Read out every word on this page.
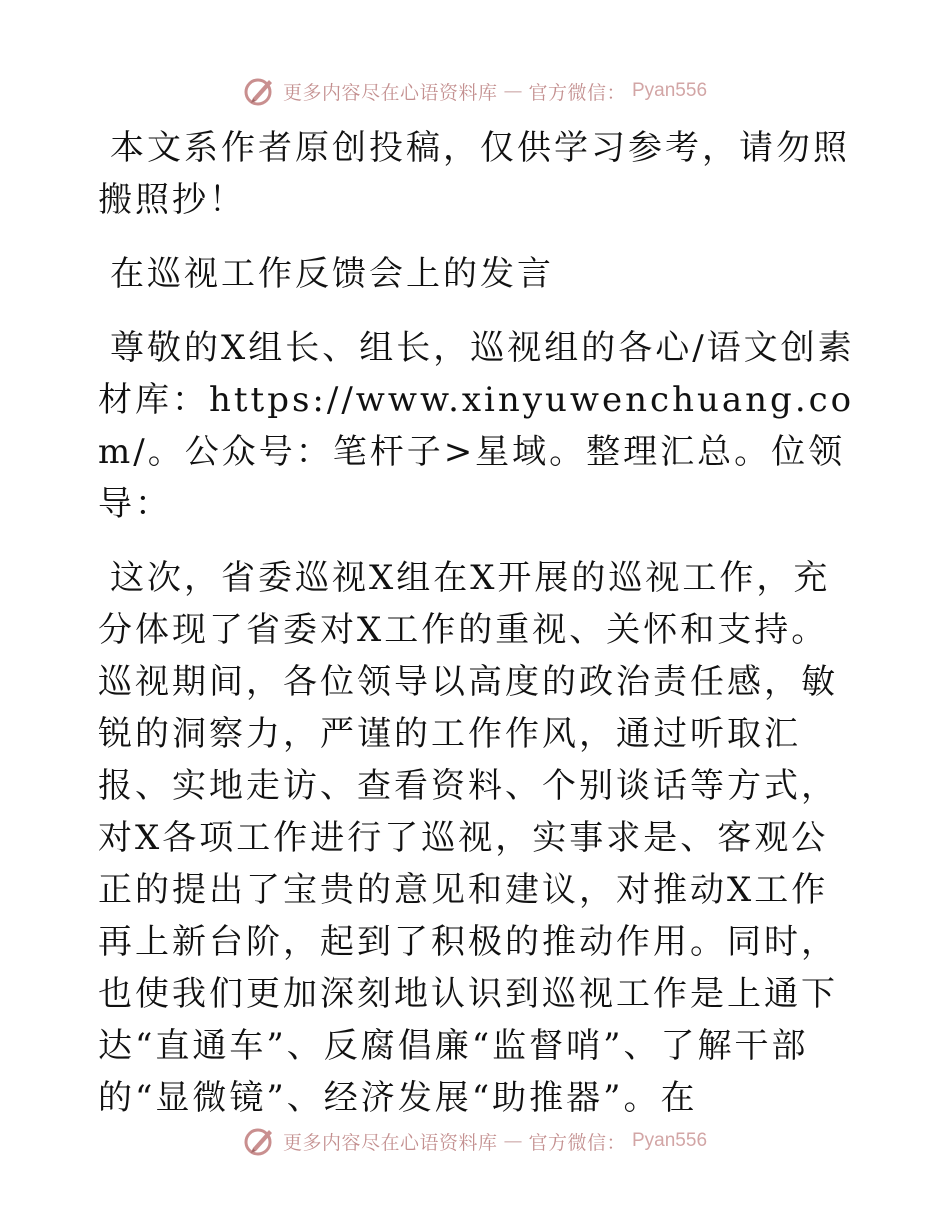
更多内容尽在心语资料库 — 官方微信： Pyan556

本文系作者原创投稿，仅供学习参考，请勿照搬照抄！

在巡视工作反馈会上的发言

尊敬的X组长、组长，巡视组的各心/语文创素材库：https://www.xinyuwenchuang.com/。公众号：笔杆子>星域。整理汇总。位领导：

这次，省委巡视X组在X开展的巡视工作，充分体现了省委对X工作的重视、关怀和支持。巡视期间，各位领导以高度的政治责任感，敏锐的洞察力，严谨的工作作风，通过听取汇报、实地走访、查看资料、个别谈话等方式，对X各项工作进行了巡视，实事求是、客观公正的提出了宝贵的意见和建议，对推动X工作再上新台阶，起到了积极的推动作用。同时，也使我们更加深刻地认识到巡视工作是上通下达“直通车”、反腐倡廉“监督哨”、了解干部的“显微镜”、经济发展“助推器”。在

更多内容尽在心语资料库 — 官方微信： Pyan556
